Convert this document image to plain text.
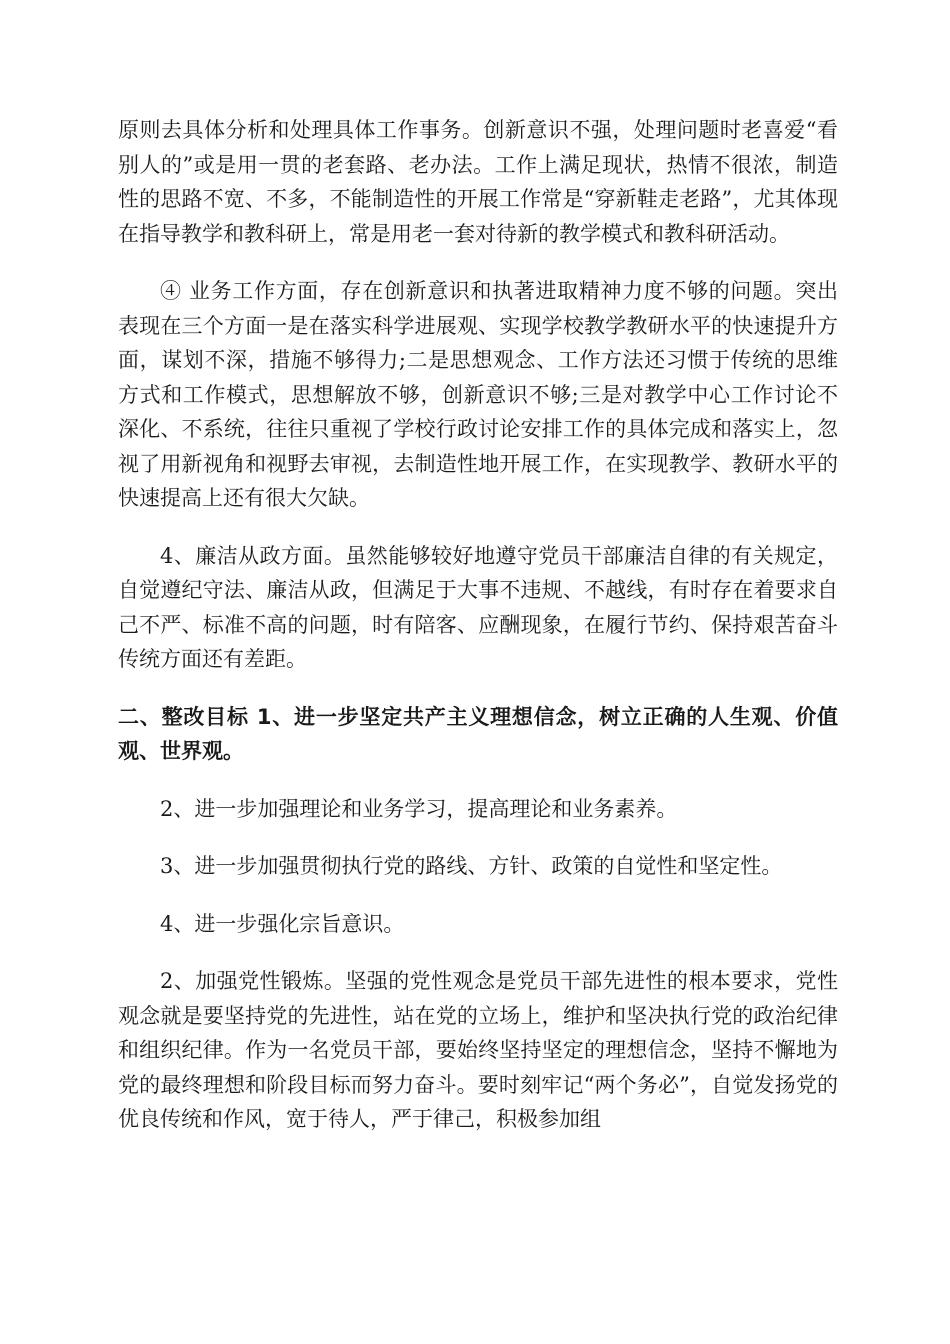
原则去具体分析和处理具体工作事务。创新意识不强，处理问题时老喜爱“看别人的”或是用一贯的老套路、老办法。工作上满足现状，热情不很浓，制造性的思路不宽、不多，不能制造性的开展工作常是“穿新鞋走老路”，尤其体现在指导教学和教科研上，常是用老一套对待新的教学模式和教科研活动。

④ 业务工作方面，存在创新意识和执著进取精神力度不够的问题。突出表现在三个方面一是在落实科学进展观、实现学校教学教研水平的快速提升方面，谋划不深，措施不够得力;二是思想观念、工作方法还习惯于传统的思维方式和工作模式，思想解放不够，创新意识不够;三是对教学中心工作讨论不深化、不系统，往往只重视了学校行政讨论安排工作的具体完成和落实上，忽视了用新视角和视野去审视，去制造性地开展工作，在实现教学、教研水平的快速提高上还有很大欠缺。

4、廉洁从政方面。虽然能够较好地遵守党员干部廉洁自律的有关规定，自觉遵纪守法、廉洁从政，但满足于大事不违规、不越线，有时存在着要求自己不严、标准不高的问题，时有陪客、应酬现象，在履行节约、保持艰苦奋斗传统方面还有差距。

二、整改目标 1、进一步坚定共产主义理想信念，树立正确的人生观、价值观、世界观。

2、进一步加强理论和业务学习，提高理论和业务素养。

3、进一步加强贯彻执行党的路线、方针、政策的自觉性和坚定性。

4、进一步强化宗旨意识。

2、加强党性锻炼。坚强的党性观念是党员干部先进性的根本要求，党性观念就是要坚持党的先进性，站在党的立场上，维护和坚决执行党的政治纪律和组织纪律。作为一名党员干部，要始终坚持坚定的理想信念，坚持不懈地为党的最终理想和阶段目标而努力奋斗。要时刻牢记“两个务必”，自觉发扬党的优良传统和作风，宽于待人，严于律己，积极参加组
